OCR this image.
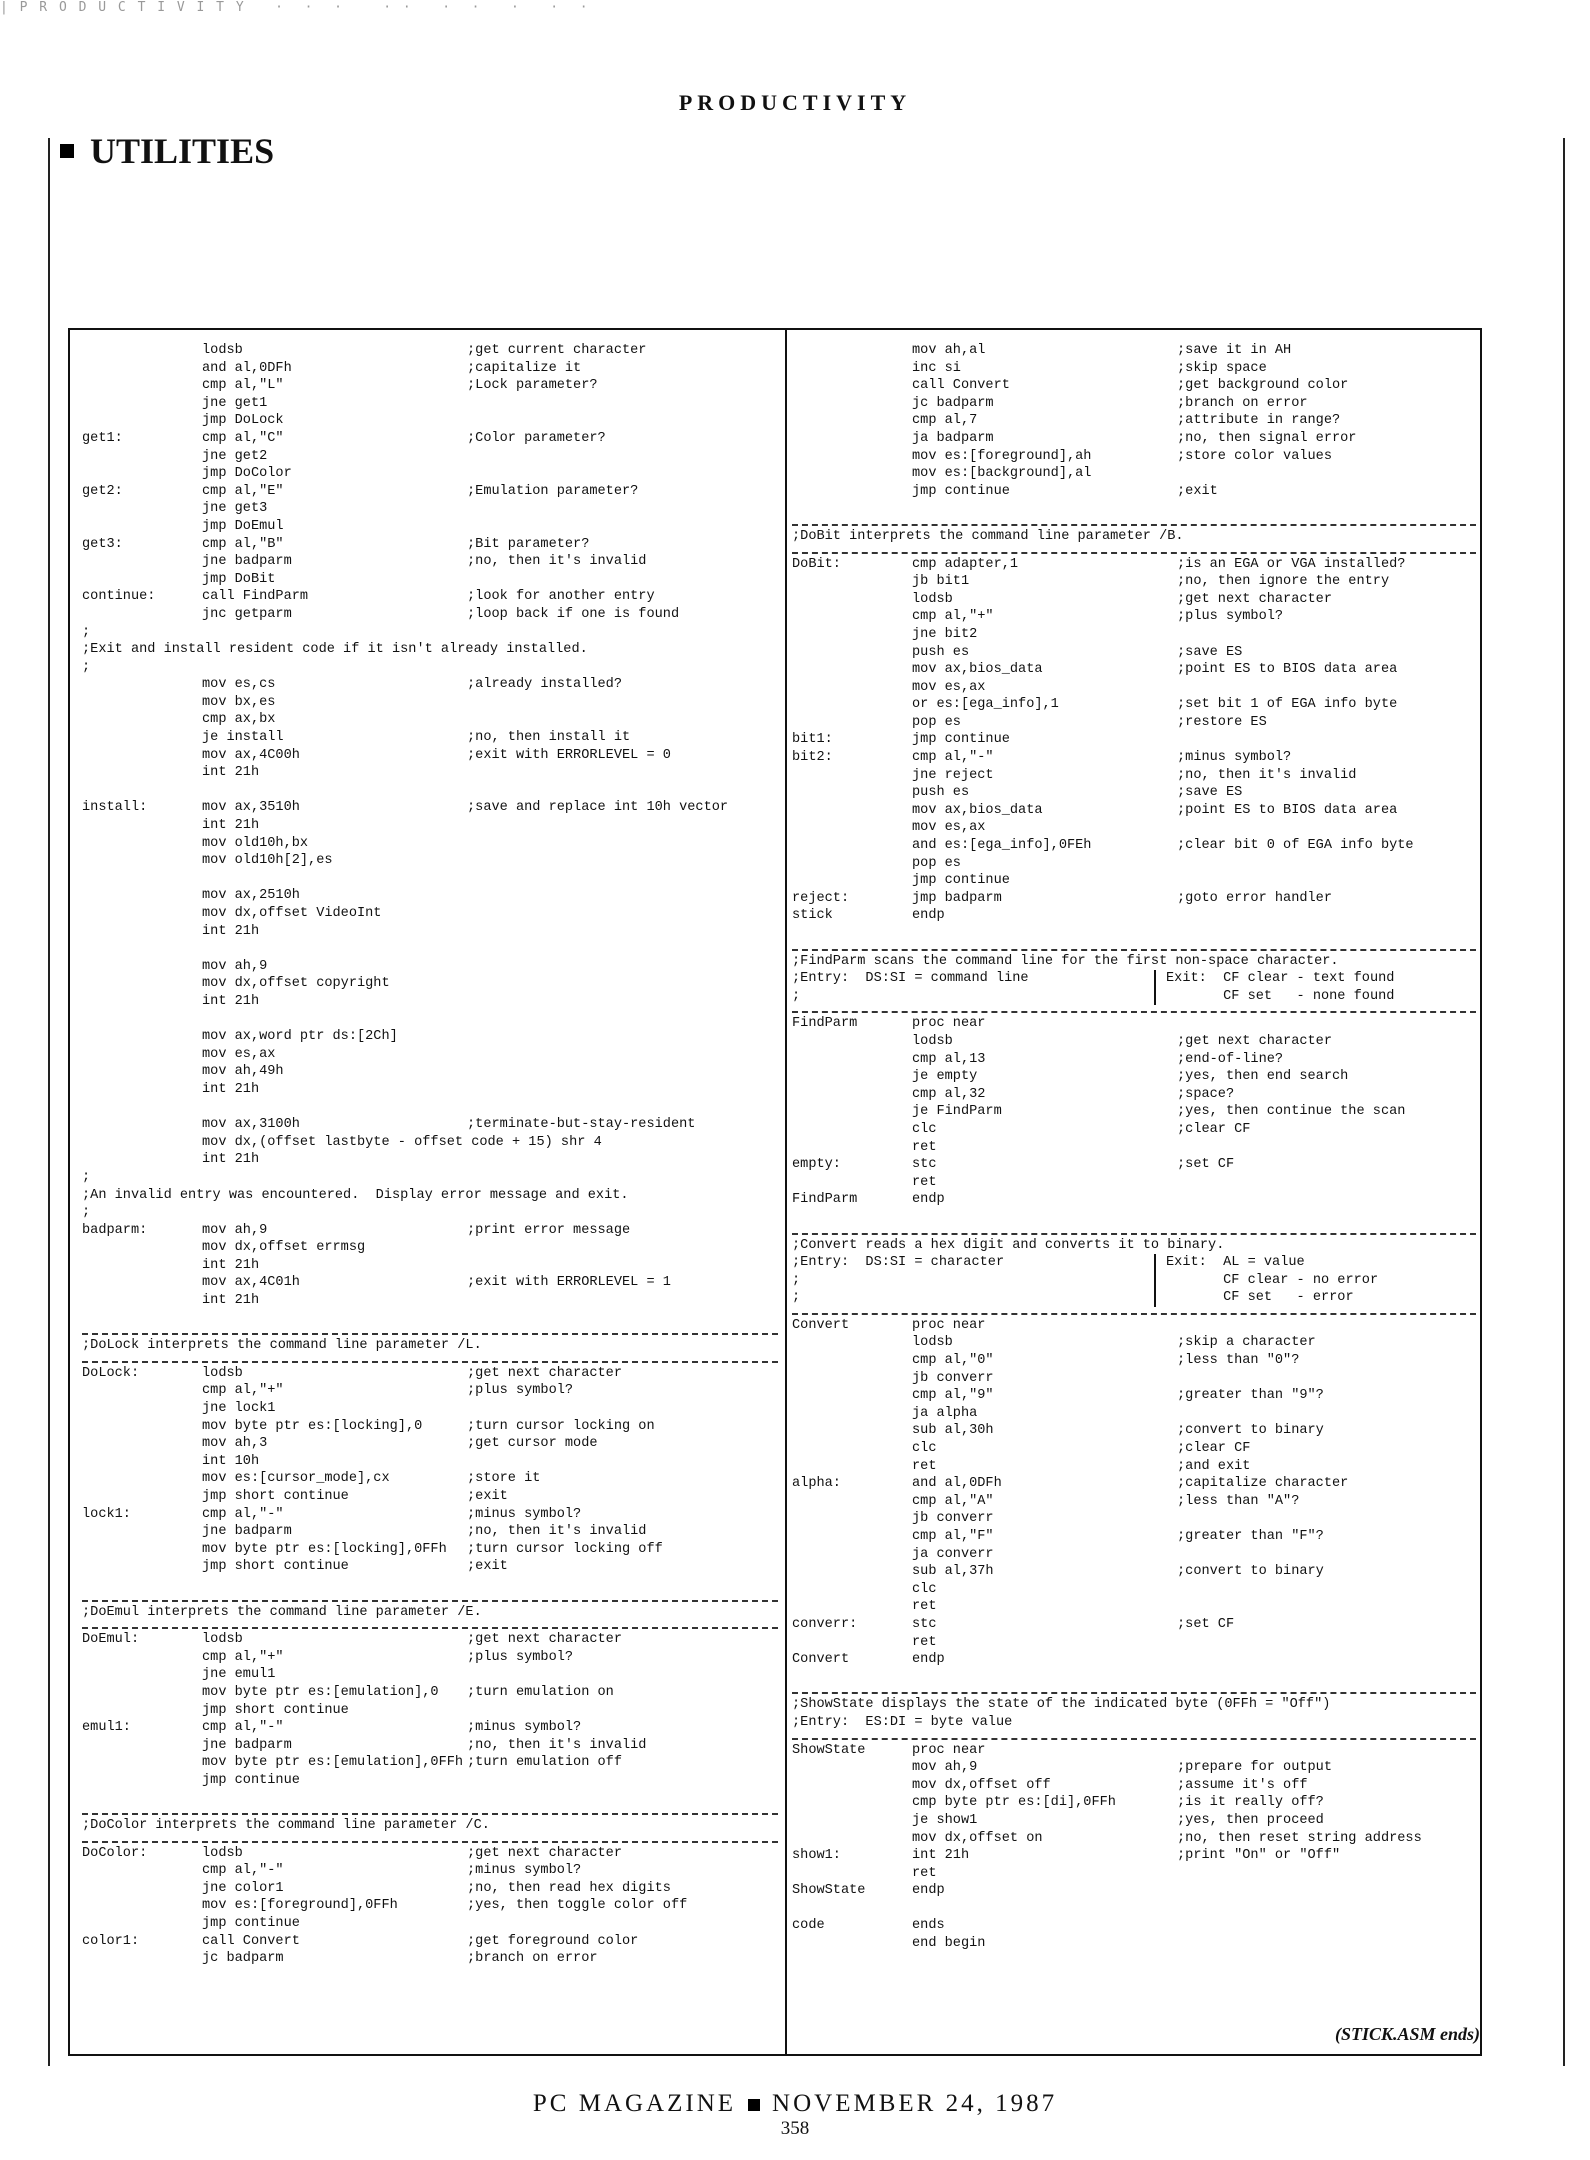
| P R O D U C T I V I T Y   ·  ·  ·    · ·   ·  ·   ·   ·  ·
PRODUCTIVITY
UTILITIES
lodsb	;get current character
and al,0DFh	;capitalize it
cmp al,"L"	;Lock parameter?
jne get1
jmp DoLock
get1:	cmp al,"C"	;Color parameter?
jne get2
jmp DoColor
get2:	cmp al,"E"	;Emulation parameter?
jne get3
jmp DoEmul
get3:	cmp al,"B"	;Bit parameter?
jne badparm	;no, then it's invalid
jmp DoBit
continue:	call FindParm	;look for another entry
jnc getparm	;loop back if one is found
;
;Exit and install resident code if it isn't already installed.
;
mov es,cs	;already installed?
mov bx,es
cmp ax,bx
je install	;no, then install it
mov ax,4C00h	;exit with ERRORLEVEL = 0
int 21h
install:	mov ax,3510h	;save and replace int 10h vector
int 21h
mov old10h,bx
mov old10h[2],es
mov ax,2510h
mov dx,offset VideoInt
int 21h
mov ah,9
mov dx,offset copyright
int 21h
mov ax,word ptr ds:[2Ch]
mov es,ax
mov ah,49h
int 21h
mov ax,3100h	;terminate-but-stay-resident
mov dx,(offset lastbyte - offset code + 15) shr 4
int 21h
;
;An invalid entry was encountered.  Display error message and exit.
;
badparm:	mov ah,9	;print error message
mov dx,offset errmsg
int 21h
mov ax,4C01h	;exit with ERRORLEVEL = 1
int 21h
;DoLock interprets the command line parameter /L.
DoLock:	lodsb	;get next character
cmp al,"+"	;plus symbol?
jne lock1
mov byte ptr es:[locking],0	;turn cursor locking on
mov ah,3	;get cursor mode
int 10h
mov es:[cursor_mode],cx	;store it
jmp short continue	;exit
lock1:	cmp al,"-"	;minus symbol?
jne badparm	;no, then it's invalid
mov byte ptr es:[locking],0FFh ;turn cursor locking off
jmp short continue	;exit
;DoEmul interprets the command line parameter /E.
DoEmul:	lodsb	;get next character
cmp al,"+"	;plus symbol?
jne emul1
mov byte ptr es:[emulation],0 ;turn emulation on
jmp short continue
emul1:	cmp al,"-"	;minus symbol?
jne badparm	;no, then it's invalid
mov byte ptr es:[emulation],0FFh ;turn emulation off
jmp continue
;DoColor interprets the command line parameter /C.
DoColor:	lodsb	;get next character
cmp al,"-"	;minus symbol?
jne color1	;no, then read hex digits
mov es:[foreground],0FFh	;yes, then toggle color off
jmp continue
color1:	call Convert	;get foreground color
jc badparm	;branch on error
mov ah,al	;save it in AH
inc si	;skip space
call Convert	;get background color
jc badparm	;branch on error
cmp al,7	;attribute in range?
ja badparm	;no, then signal error
mov es:[foreground],ah	;store color values
mov es:[background],al
jmp continue	;exit
;DoBit interprets the command line parameter /B.
DoBit:	cmp adapter,1	;is an EGA or VGA installed?
jb bit1	;no, then ignore the entry
lodsb	;get next character
cmp al,"+"	;plus symbol?
jne bit2
push es	;save ES
mov ax,bios_data	;point ES to BIOS data area
mov es,ax
or es:[ega_info],1	;set bit 1 of EGA info byte
pop es	;restore ES
bit1:	jmp continue
bit2:	cmp al,"-"	;minus symbol?
jne reject	;no, then it's invalid
push es	;save ES
mov ax,bios_data	;point ES to BIOS data area
mov es,ax
and es:[ega_info],0FEh	;clear bit 0 of EGA info byte
pop es
jmp continue
reject:	jmp badparm	;goto error handler
stick	endp
;FindParm scans the command line for the first non-space character.
;Entry:  DS:SI = command line	Exit:  CF clear - text found
;	CF set   - none found
FindParm	proc near
lodsb	;get next character
cmp al,13	;end-of-line?
je empty	;yes, then end search
cmp al,32	;space?
je FindParm	;yes, then continue the scan
clc	;clear CF
ret
empty:	stc	;set CF
ret
FindParm	endp
;Convert reads a hex digit and converts it to binary.
;Entry:  DS:SI = character	Exit:  AL = value
;	CF clear - no error
;	CF set   - error
Convert	proc near
lodsb	;skip a character
cmp al,"0"	;less than "0"?
jb converr
cmp al,"9"	;greater than "9"?
ja alpha
sub al,30h	;convert to binary
clc	;clear CF
ret	;and exit
alpha:	and al,0DFh	;capitalize character
cmp al,"A"	;less than "A"?
jb converr
cmp al,"F"	;greater than "F"?
ja converr
sub al,37h	;convert to binary
clc
ret
converr:	stc	;set CF
ret
Convert	endp
;ShowState displays the state of the indicated byte (0FFh = "Off")
;Entry:  ES:DI = byte value
ShowState	proc near
mov ah,9	;prepare for output
mov dx,offset off	;assume it's off
cmp byte ptr es:[di],0FFh	;is it really off?
je show1	;yes, then proceed
mov dx,offset on	;no, then reset string address
show1:	int 21h	;print "On" or "Off"
ret
ShowState	endp
code	ends
end begin
(STICK.ASM ends)
PC MAGAZINE NOVEMBER 24, 1987
358
